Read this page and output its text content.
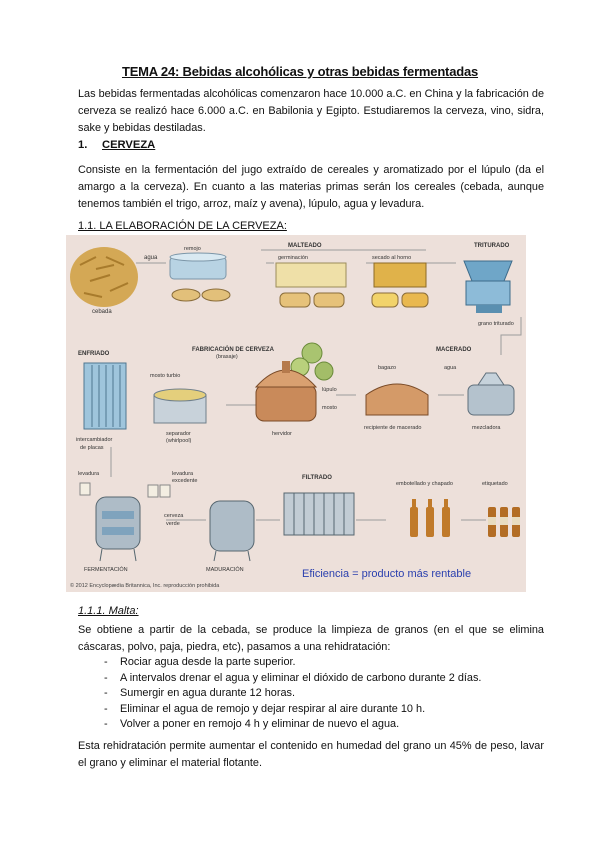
TEMA 24: Bebidas alcohólicas y otras bebidas fermentadas
Las bebidas fermentadas alcohólicas comenzaron hace 10.000 a.C. en China y la fabricación de cerveza se realizó hace 6.000 a.C. en Babilonia y Egipto. Estudiaremos la cerveza, vino, sidra, sake y bebidas destiladas.
1. CERVEZA
Consiste en la fermentación del jugo extraído de cereales y aromatizado por el lúpulo (da el amargo a la cerveza). En cuanto a las materias primas serán los cereales (cebada, aunque tenemos también el trigo, arroz, maíz y avena), lúpulo, agua y levadura.
1.1. LA ELABORACIÓN DE LA CERVEZA:
cebada
agua
remojo	MALTEADO
germinación	secado al horno
TRITURADO
grano triturado
ENFRIADO
intercambiador
de placas
mosto turbio
separador
(whirlpool)
FABRICACIÓN DE CERVEZA
(brasaje)
lúpulo
mosto
hervidor
MACERADO
bagazo	agua
recipiente de macerado	mezcladora
levadura	levadura
excedente
FERMENTACIÓN
cerveza
verde
MADURACIÓN
FILTRADO
embotellado y chapado	etiquetado
© 2012 Encyclopædia Britannica, Inc. reproducción prohibida
Eficiencia = producto más rentable
1.1.1. Malta:
Se obtiene a partir de la cebada, se produce la limpieza de granos (en el que se elimina cáscaras, polvo, paja, piedra, etc), pasamos a una rehidratación:
- Rociar agua desde la parte superior.
- A intervalos drenar el agua y eliminar el dióxido de carbono durante 2 días.
- Sumergir en agua durante 12 horas.
- Eliminar el agua de remojo y dejar respirar al aire durante 10 h.
- Volver a poner en remojo 4 h y eliminar de nuevo el agua.
Esta rehidratación permite aumentar el contenido en humedad del grano un 45% de peso, lavar el grano y eliminar el material flotante.
